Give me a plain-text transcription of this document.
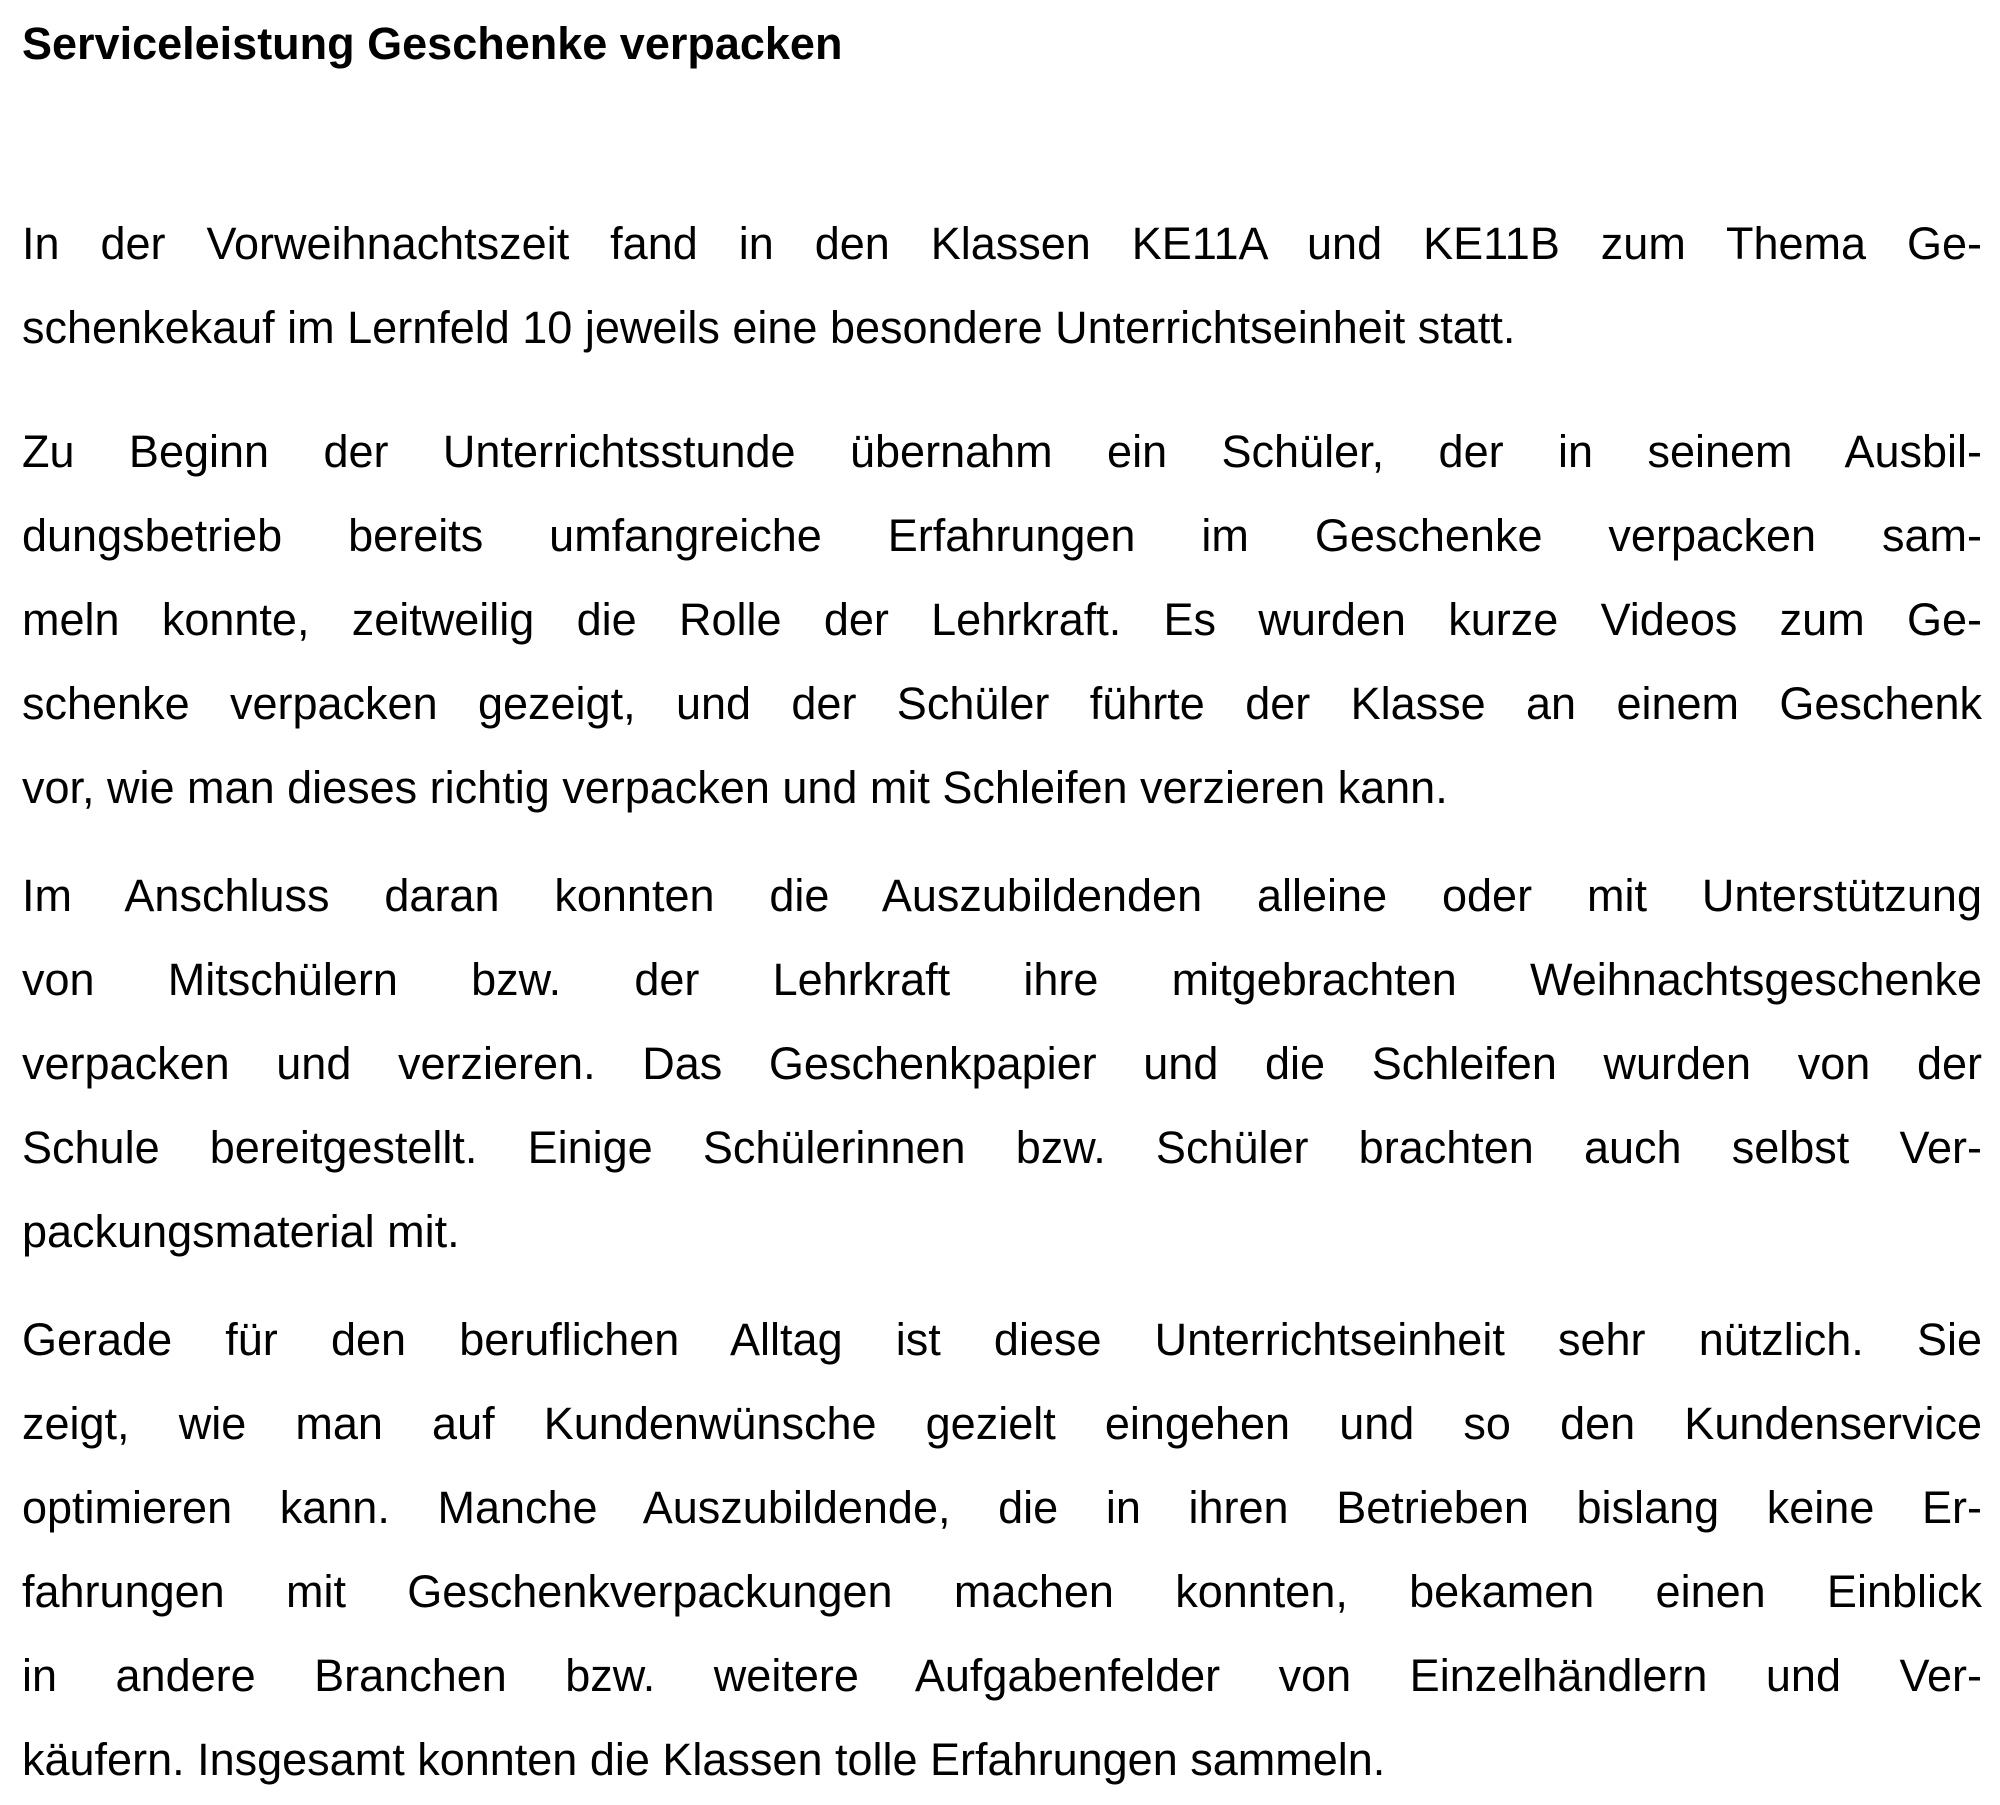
Serviceleistung Geschenke verpacken
In der Vorweihnachtszeit fand in den Klassen KE11A und KE11B zum Thema Ge-
schenkekauf im Lernfeld 10 jeweils eine besondere Unterrichtseinheit statt.
Zu Beginn der Unterrichtsstunde übernahm ein Schüler, der in seinem Ausbil-
dungsbetrieb bereits umfangreiche Erfahrungen im Geschenke verpacken sam-
meln konnte, zeitweilig die Rolle der Lehrkraft. Es wurden kurze Videos zum Ge-
schenke verpacken gezeigt, und der Schüler führte der Klasse an einem Geschenk
vor, wie man dieses richtig verpacken und mit Schleifen verzieren kann.
Im Anschluss daran konnten die Auszubildenden alleine oder mit Unterstützung
von Mitschülern bzw. der Lehrkraft ihre mitgebrachten Weihnachtsgeschenke
verpacken und verzieren. Das Geschenkpapier und die Schleifen wurden von der
Schule bereitgestellt. Einige Schülerinnen bzw. Schüler brachten auch selbst Ver-
packungsmaterial mit.
Gerade für den beruflichen Alltag ist diese Unterrichtseinheit sehr nützlich. Sie
zeigt, wie man auf Kundenwünsche gezielt eingehen und so den Kundenservice
optimieren kann. Manche Auszubildende, die in ihren Betrieben bislang keine Er-
fahrungen mit Geschenkverpackungen machen konnten, bekamen einen Einblick
in andere Branchen bzw. weitere Aufgabenfelder von Einzelhändlern und Ver-
käufern. Insgesamt konnten die Klassen tolle Erfahrungen sammeln.
